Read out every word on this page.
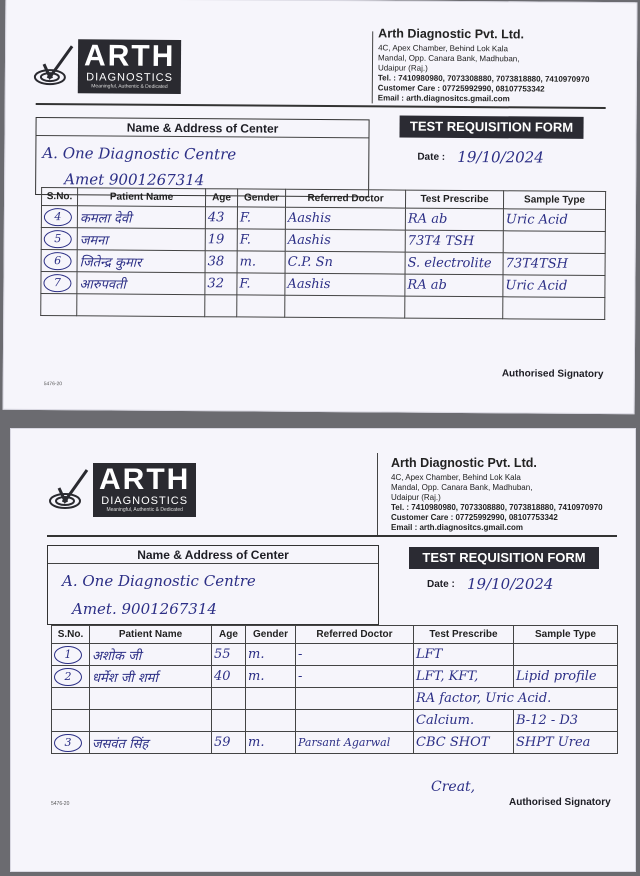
ARTH
DIAGNOSTICS
Meaningful, Authentic & Dedicated
Arth Diagnostic Pvt. Ltd.
4C, Apex Chamber, Behind Lok Kala
Mandal, Opp. Canara Bank, Madhuban,
Udaipur (Raj.)
Tel. : 7410980980, 7073308880, 7073818880, 7410970970
Customer Care : 07725992990, 08107753342
Email : arth.diagnositcs.gmail.com
Name & Address of Center
A. One Diagnostic Centre
Amet 9001267314
TEST REQUISITION FORM
Date : 19/10/2024
S.No.	Patient Name	Age	Gender	Referred Doctor	Test Prescribe	Sample Type
4	कमला देवी	43	F.	Aashis	RA ab	Uric Acid
5	जमना	19	F.	Aashis	73T4 TSH	
6	जितेन्द्र कुमार	38	m.	C.P. Sn	S. electrolite	73T4TSH
7	आरुपवती	32	F.	Aashis	RA ab	Uric Acid

5476-20
Authorised Signatory
ARTH
DIAGNOSTICS
Meaningful, Authentic & Dedicated
Arth Diagnostic Pvt. Ltd.
4C, Apex Chamber, Behind Lok Kala
Mandal, Opp. Canara Bank, Madhuban,
Udaipur (Raj.)
Tel. : 7410980980, 7073308880, 7073818880, 7410970970
Customer Care : 07725992990, 08107753342
Email : arth.diagnositcs.gmail.com
Name & Address of Center
A. One Diagnostic Centre
Amet. 9001267314
TEST REQUISITION FORM
Date : 19/10/2024
S.No.	Patient Name	Age	Gender	Referred Doctor	Test Prescribe	Sample Type
1	अशोक जी	55	m.	-	LFT	
2	धर्मेश जी शर्मा	40	m.	-	LFT, KFT,	Lipid profile
					RA factor, Uric Acid.	
					Calcium.	B-12 - D3
3	जसवंत सिंह	59	m.	Parsant Agarwal	CBC SHOT	SHPT Urea
Creat,
5476-20	Authorised Signatory
